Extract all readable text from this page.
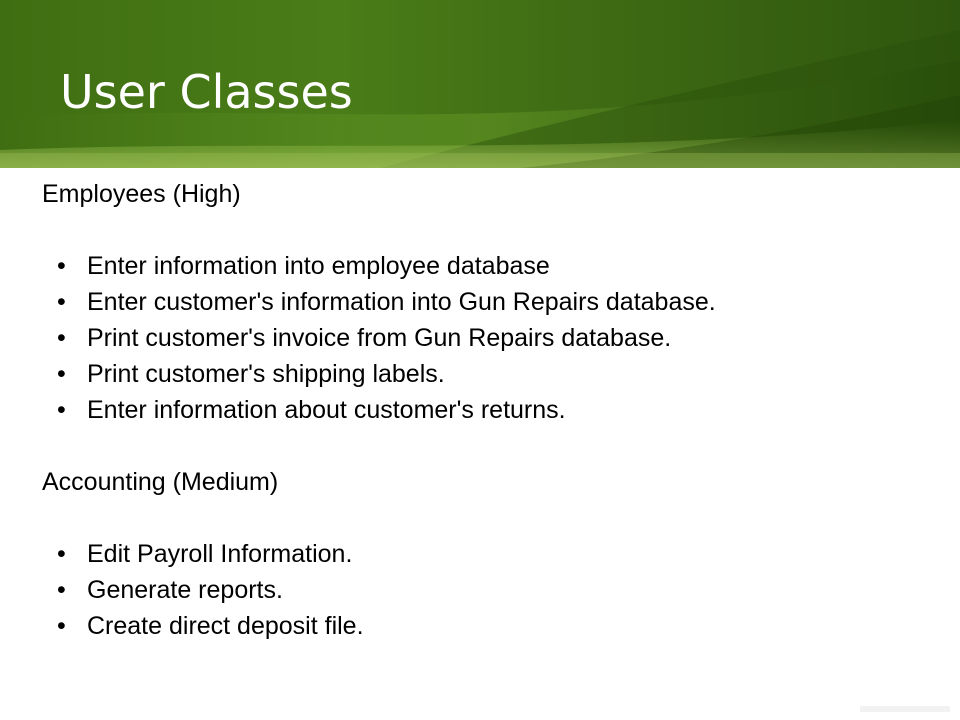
User Classes

Employees (High)

• Enter information into employee database
• Enter customer's information into Gun Repairs database.
• Print customer's invoice from Gun Repairs database.
• Print customer's shipping labels.
• Enter information about customer's returns.

Accounting (Medium)

• Edit Payroll Information.
• Generate reports.
• Create direct deposit file.
